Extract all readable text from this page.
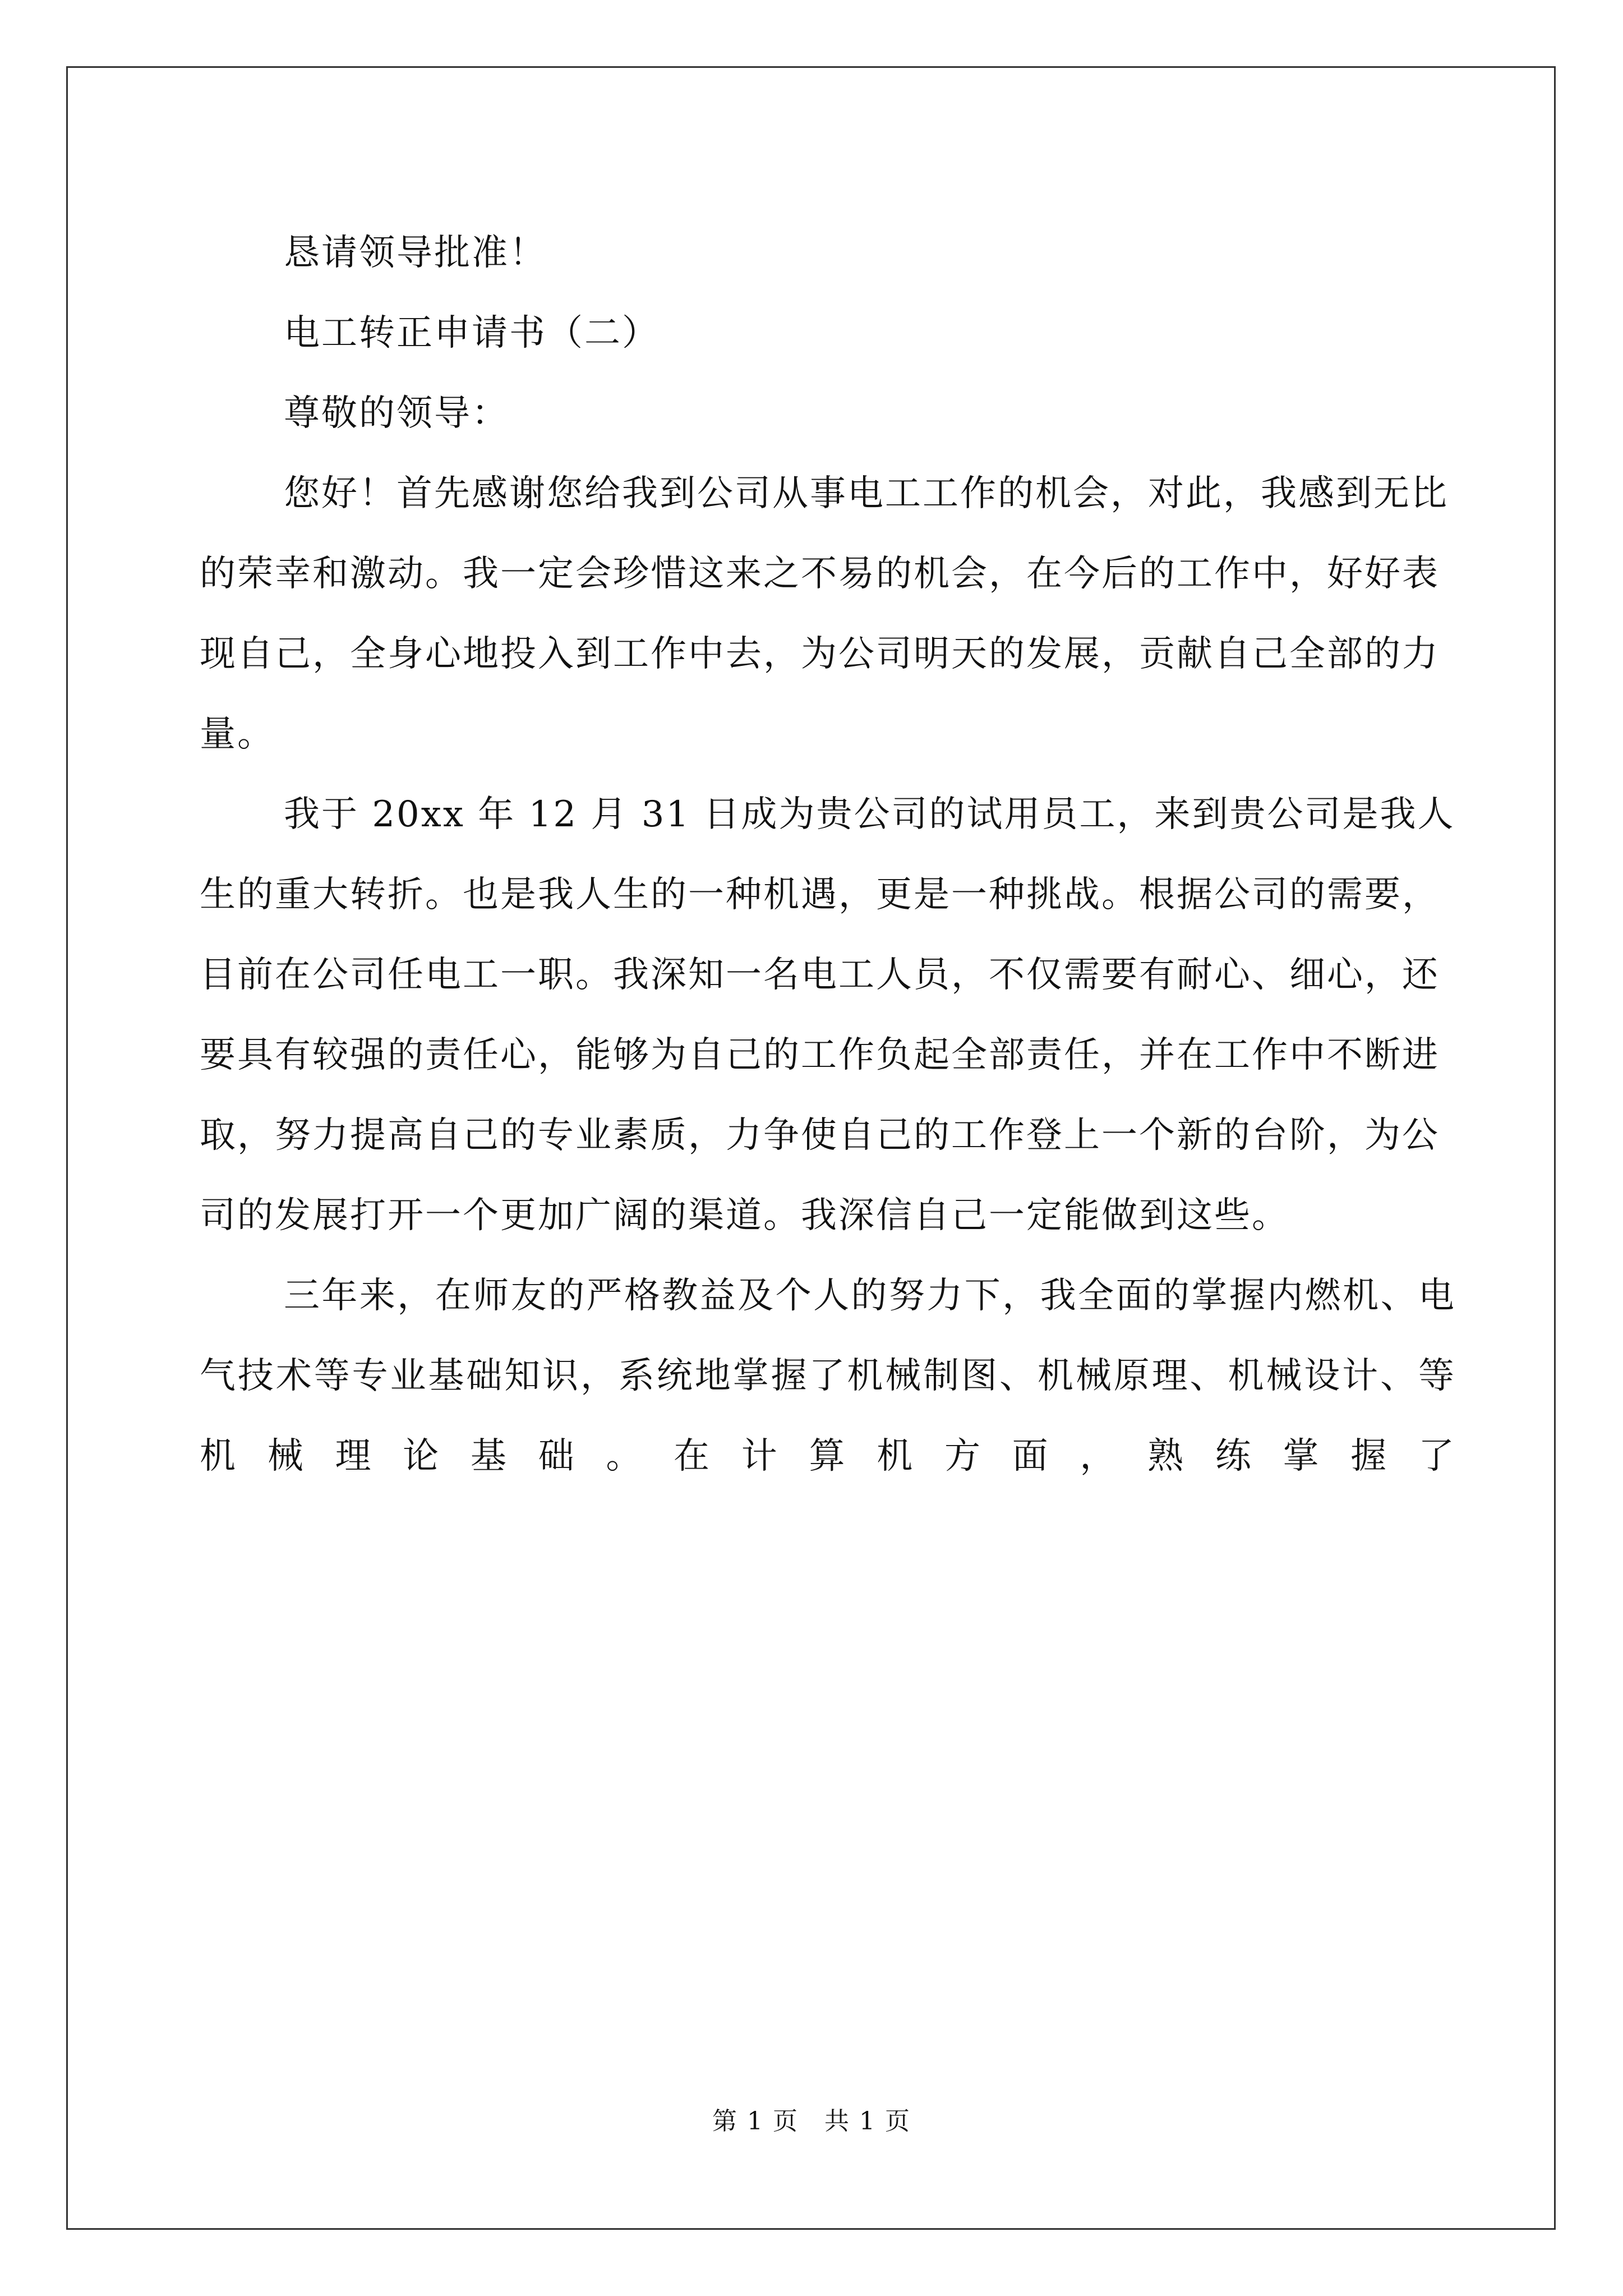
恳请领导批准！

电工转正申请书（二）

尊敬的领导：

您好！首先感谢您给我到公司从事电工工作的机会，对此，我感到无比的荣幸和激动。我一定会珍惜这来之不易的机会，在今后的工作中，好好表现自己，全身心地投入到工作中去，为公司明天的发展，贡献自己全部的力量。

我于 20xx 年 12 月 31 日成为贵公司的试用员工，来到贵公司是我人生的重大转折。也是我人生的一种机遇，更是一种挑战。根据公司的需要，目前在公司任电工一职。我深知一名电工人员，不仅需要有耐心、细心，还要具有较强的责任心，能够为自己的工作负起全部责任，并在工作中不断进取，努力提高自己的专业素质，力争使自己的工作登上一个新的台阶，为公司的发展打开一个更加广阔的渠道。我深信自己一定能做到这些。

三年来，在师友的严格教益及个人的努力下，我全面的掌握内燃机、电气技术等专业基础知识，系统地掌握了机械制图、机械原理、机械设计、等机械理论基础。在计算机方面，熟练掌握了

第 1 页　共 1 页
